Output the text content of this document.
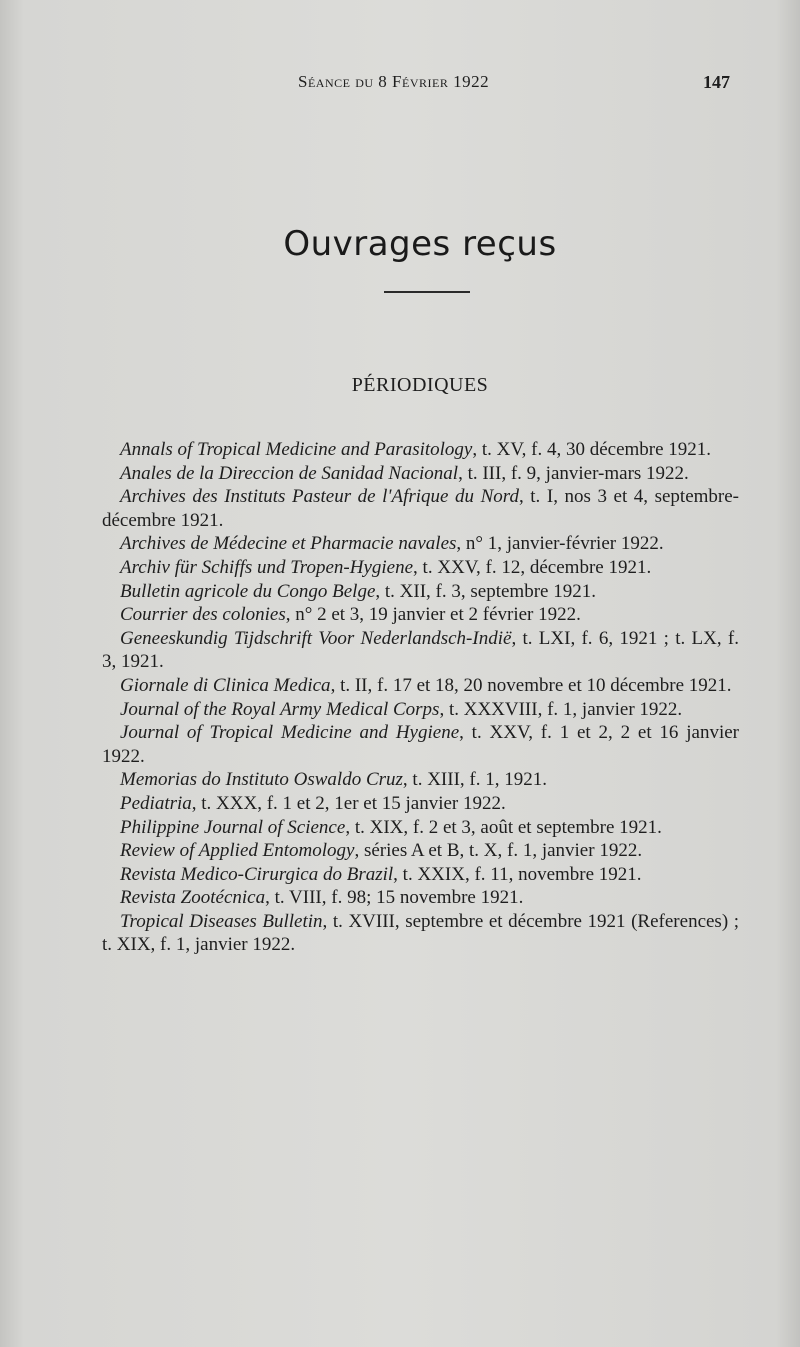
Séance du 8 Février 1922	147
Ouvrages reçus
PÉRIODIQUES

Annals of Tropical Medicine and Parasitology, t. XV, f. 4, 30 décembre 1921.

Anales de la Direccion de Sanidad Nacional, t. III, f. 9, janvier-mars 1922.

Archives des Instituts Pasteur de l'Afrique du Nord, t. I, nos 3 et 4, septembre-décembre 1921.

Archives de Médecine et Pharmacie navales, n° 1, janvier-février 1922.

Archiv für Schiffs und Tropen-Hygiene, t. XXV, f. 12, décembre 1921.

Bulletin agricole du Congo Belge, t. XII, f. 3, septembre 1921.

Courrier des colonies, n° 2 et 3, 19 janvier et 2 février 1922.

Geneeskundig Tijdschrift Voor Nederlandsch-Indië, t. LXI, f. 6, 1921 ; t. LX, f. 3, 1921.

Giornale di Clinica Medica, t. II, f. 17 et 18, 20 novembre et 10 décembre 1921.

Journal of the Royal Army Medical Corps, t. XXXVIII, f. 1, janvier 1922.

Journal of Tropical Medicine and Hygiene, t. XXV, f. 1 et 2, 2 et 16 janvier 1922.

Memorias do Instituto Oswaldo Cruz, t. XIII, f. 1, 1921.

Pediatria, t. XXX, f. 1 et 2, 1er et 15 janvier 1922.

Philippine Journal of Science, t. XIX, f. 2 et 3, août et septembre 1921.

Review of Applied Entomology, séries A et B, t. X, f. 1, janvier 1922.

Revista Medico-Cirurgica do Brazil, t. XXIX, f. 11, novembre 1921.

Revista Zootécnica, t. VIII, f. 98; 15 novembre 1921.

Tropical Diseases Bulletin, t. XVIII, septembre et décembre 1921 (References) ; t. XIX, f. 1, janvier 1922.
